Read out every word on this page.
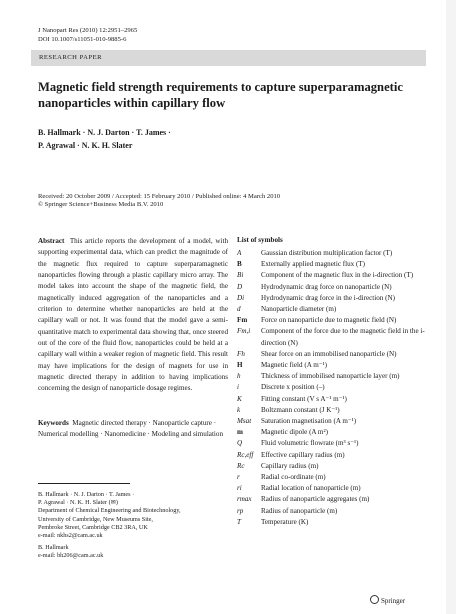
J Nanopart Res (2010) 12:2951–2965
DOI 10.1007/s11051-010-9885-6
RESEARCH PAPER
Magnetic field strength requirements to capture superparamagnetic nanoparticles within capillary flow
B. Hallmark · N. J. Darton · T. James ·
P. Agrawal · N. K. H. Slater
Received: 20 October 2009 / Accepted: 15 February 2010 / Published online: 4 March 2010
© Springer Science+Business Media B.V. 2010
Abstract This article reports the development of a model, with supporting experimental data, which can predict the magnitude of the magnetic flux required to capture superparamagnetic nanoparticles flowing through a plastic capillary micro array. The model takes into account the shape of the magnetic field, the magnetically induced aggregation of the nanoparticles and a criterion to determine whether nanoparticles are held at the capillary wall or not. It was found that the model gave a semi-quantitative match to experimental data showing that, once steered out of the core of the fluid flow, nanoparticles could be held at a capillary wall within a weaker region of magnetic field. This result may have implications for the design of magnets for use in magnetic directed therapy in addition to having implications concerning the design of nanoparticle dosage regimes.
Keywords Magnetic directed therapy · Nanoparticle capture · Numerical modelling · Nanomedicine · Modeling and simulation
B. Hallmark · N. J. Darton · T. James ·
P. Agrawal · N. K. H. Slater (✉)
Department of Chemical Engineering and Biotechnology,
University of Cambridge, New Museums Site,
Pembroke Street, Cambridge CB2 3RA, UK
e-mail: nkhs2@cam.ac.uk
B. Hallmark
e-mail: bh206@cam.ac.uk
List of symbols
A	Gaussian distribution multiplication factor (T)
B	Externally applied magnetic flux (T)
Bi	Component of the magnetic flux in the i-direction (T)
D	Hydrodynamic drag force on nanoparticle (N)
Di	Hydrodynamic drag force in the i-direction (N)
d	Nanoparticle diameter (m)
Fm	Force on nanoparticle due to magnetic field (N)
Fm,i	Component of the force due to the magnetic field in the i-direction (N)
Fh	Shear force on an immobilised nanoparticle (N)
H	Magnetic field (A m⁻¹)
h	Thickness of immobilised nanoparticle layer (m)
i	Discrete x position (–)
K	Fitting constant (V s A⁻¹ m⁻¹)
k	Boltzmann constant (J K⁻¹)
Msat	Saturation magnetisation (A m⁻¹)
m	Magnetic dipole (A m²)
Q	Fluid volumetric flowrate (m³ s⁻¹)
Rc,eff	Effective capillary radius (m)
Rc	Capillary radius (m)
r	Radial co-ordinate (m)
ri	Radial location of nanoparticle (m)
rmax	Radius of nanoparticle aggregates (m)
rp	Radius of nanoparticle (m)
T	Temperature (K)
Springer
